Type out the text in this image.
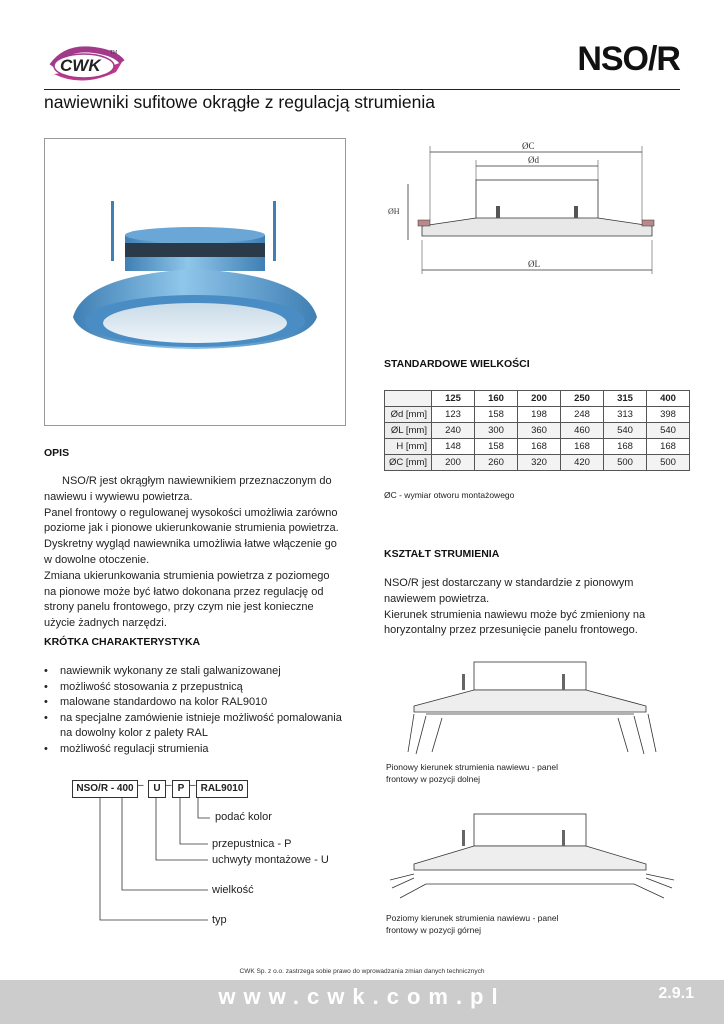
CWK
TM	NSO/R
nawiewniki sufitowe okrągłe z regulacją strumienia
ØC
Ød
ØH
ØL
STANDARDOWE WIELKOŚCI
	125	160	200	250	315	400
Ød [mm]	123	158	198	248	313	398
ØL [mm]	240	300	360	460	540	540
H [mm]	148	158	168	168	168	168
ØC [mm]	200	260	320	420	500	500
ØC - wymiar otworu montażowego
OPIS

NSO/R jest okrągłym nawiewnikiem przeznaczonym do nawiewu i wywiewu powietrza.

Panel frontowy o regulowanej wysokości umożliwia zarówno poziome jak i pionowe ukierunkowanie strumienia powietrza. Dyskretny wygląd nawiewnika umożliwia łatwe włączenie go w dowolne otoczenie.

Zmiana ukierunkowania strumienia powietrza z poziomego na pionowe może być łatwo dokonana przez regulację od strony panelu frontowego, przy czym nie jest konieczne użycie żadnych narzędzi.

KRÓTKA CHARAKTERYSTYKA
• nawiewnik wykonany ze stali galwanizowanej
• możliwość stosowania z przepustnicą
• malowane standardowo na kolor RAL9010
• na specjalne zamówienie istnieje możliwość pomalowania na dowolny kolor z palety RAL
• możliwość regulacji strumienia
NSO/R - 400 – U – P – RAL9010
podać kolor
przepustnica - P
uchwyty montażowe - U
wielkość
typ
KSZTAŁT STRUMIENIA

NSO/R jest dostarczany w standardzie z pionowym nawiewem powietrza.

Kierunek strumienia nawiewu może być zmieniony na horyzontalny przez przesunięcie panelu frontowego.

Pionowy kierunek strumienia nawiewu - panel frontowy w pozycji dolnej
Poziomy kierunek strumienia nawiewu - panel frontowy w pozycji górnej
CWK Sp. z o.o. zastrzega sobie prawo do wprowadzania zmian danych technicznych
www.cwk.com.pl	2.9.1
